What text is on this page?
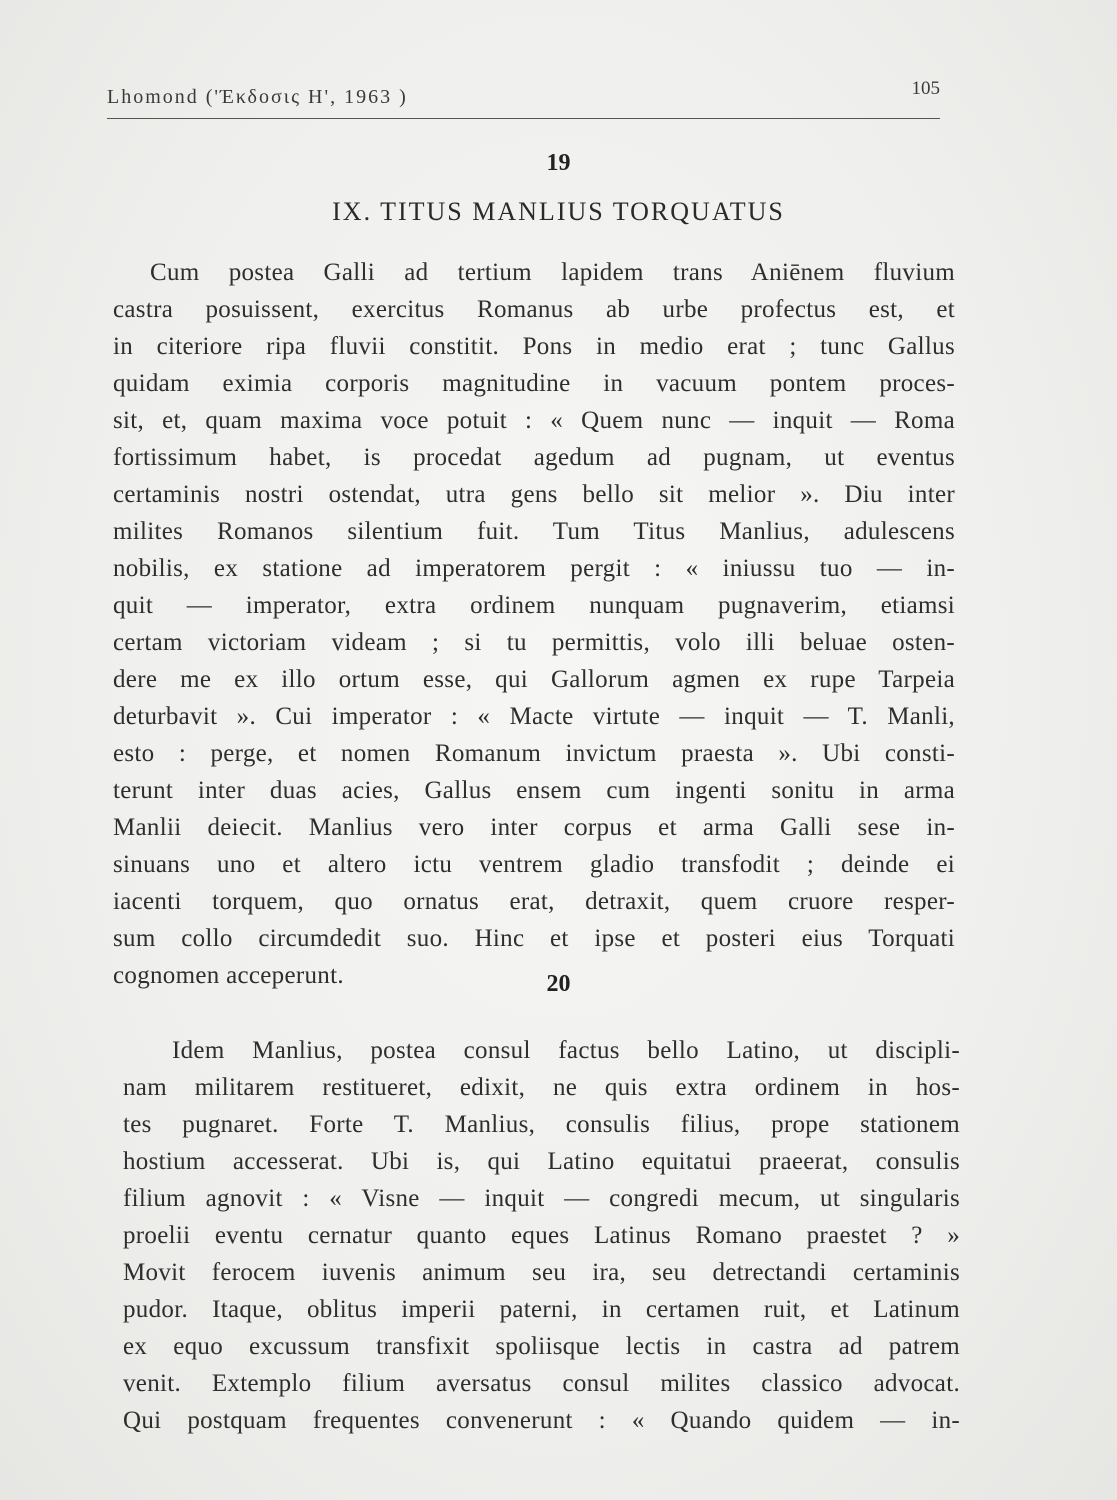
Lhomond ('Έκδοσις Η', 1963 )	105
19
IX. TITUS MANLIUS TORQUATUS
Cum postea Galli ad tertium lapidem trans Aniēnem fluvium
castra posuissent, exercitus Romanus ab urbe profectus est, et
in citeriore ripa fluvii constitit. Pons in medio erat ; tunc Gallus
quidam eximia corporis magnitudine in vacuum pontem proces-
sit, et, quam maxima voce potuit : « Quem nunc — inquit — Roma
fortissimum habet, is procedat agedum ad pugnam, ut eventus
certaminis nostri ostendat, utra gens bello sit melior ». Diu inter
milites Romanos silentium fuit. Tum Titus Manlius, adulescens
nobilis, ex statione ad imperatorem pergit : « iniussu tuo — in-
quit — imperator, extra ordinem nunquam pugnaverim, etiamsi
certam victoriam videam ; si tu permittis, volo illi beluae osten-
dere me ex illo ortum esse, qui Gallorum agmen ex rupe Tarpeia
deturbavit ». Cui imperator : « Macte virtute — inquit — T. Manli,
esto : perge, et nomen Romanum invictum praesta ». Ubi consti-
terunt inter duas acies, Gallus ensem cum ingenti sonitu in arma
Manlii deiecit. Manlius vero inter corpus et arma Galli sese in-
sinuans uno et altero ictu ventrem gladio transfodit ; deinde ei
iacenti torquem, quo ornatus erat, detraxit, quem cruore resper-
sum collo circumdedit suo. Hinc et ipse et posteri eius Torquati
cognomen acceperunt.	20
Idem Manlius, postea consul factus bello Latino, ut discipli-
nam militarem restitueret, edixit, ne quis extra ordinem in hos-
tes pugnaret. Forte T. Manlius, consulis filius, prope stationem
hostium accesserat. Ubi is, qui Latino equitatui praeerat, consulis
filium agnovit : « Visne — inquit — congredi mecum, ut singularis
proelii eventu cernatur quanto eques Latinus Romano praestet ? »
Movit ferocem iuvenis animum seu ira, seu detrectandi certaminis
pudor. Itaque, oblitus imperii paterni, in certamen ruit, et Latinum
ex equo excussum transfixit spoliisque lectis in castra ad patrem
venit. Extemplo filium aversatus consul milites classico advocat.
Qui postquam frequentes convenerunt : « Quando quidem — in-
